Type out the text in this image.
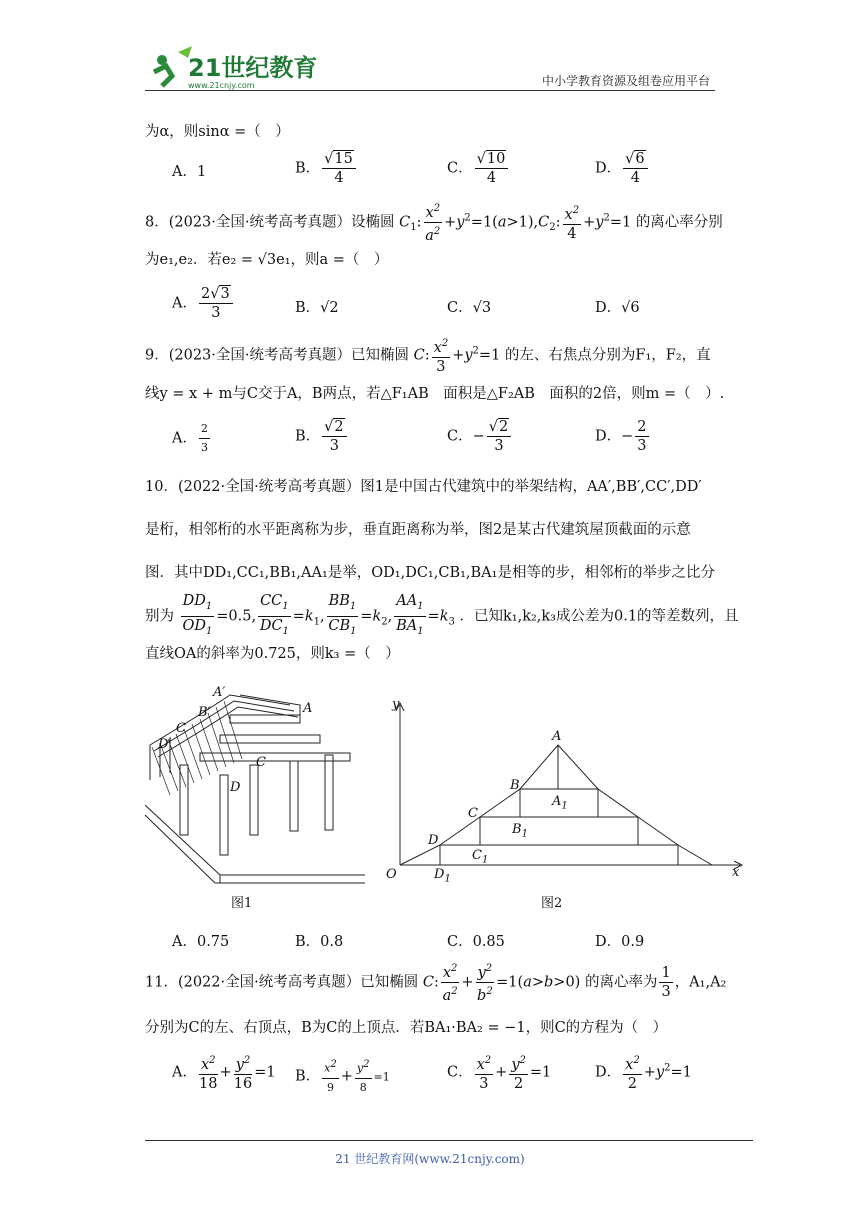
21世纪教育
www.21cnjy.com	中小学教育资源及组卷应用平台
为α，则sinα =（　）
A．1	B． $\frac{√15}{4}$	C． $\frac{√10}{4}$	D． $\frac{√6}{4}$
8．(2023·全国·统考高考真题）设椭圆 $C_1$: $\frac{x^2}{a^2} +y^2=1(a>1),C_2$: $\frac{x^2}{4} +y^2=1$ 的离心率分别
为e₁,e₂．若e₂ = √3e₁，则a =（　）
A． $\frac{2√3}{3}$	B．√2	C．√3	D．√6
9．(2023·全国·统考高考真题）已知椭圆 C: $\frac{x^2}{3} +y^2=1$ 的左、右焦点分别为F₁，F₂，直
线y = x + m与C交于A，B两点，若△F₁AB　面积是△F₂AB　面积的2倍，则m =（　）.
A． $\frac{2}{3}$	B． $\frac{√2}{3}$	C．− $\frac{√2}{3}$	D．− $\frac{2}{3}$
10．(2022·全国·统考高考真题）图1是中国古代建筑中的举架结构，AA′,BB′,CC′,DD′
是桁，相邻桁的水平距离称为步，垂直距离称为举，图2是某古代建筑屋顶截面的示意
图．其中DD₁,CC₁,BB₁,AA₁是举，OD₁,DC₁,CB₁,BA₁是相等的步，相邻桁的举步之比分
别为 $\frac{DD_1}{OD_1} =0.5$, $\frac{CC_1}{DC_1} =k_1$, $\frac{BB_1}{CB_1} =k_2$, $\frac{AA_1}{BA_1} =k_3$ ．已知k₁,k₂,k₃成公差为0.1的等差数列，且
直线OA的斜率为0.725，则k₃ =（　）
A′
B′
C
D′
A
C
D
图1
y
x
O
A
B
C
D
$A_1$
$B_1$
$C_1$
$D_1$
图2
A．0.75	B．0.8	C．0.85	D．0.9
11．(2022·全国·统考高考真题）已知椭圆 C: $\frac{x^2}{a^2} + \frac{y^2}{b^2} =1(a>b>0)$ 的离心率为 $\frac{1}{3}$ ，A₁,A₂
分别为C的左、右顶点，B为C的上顶点．若BA₁·BA₂ = −1，则C的方程为（　）
A． $\frac{x^2}{18} + \frac{y^2}{16} =1$ B． $\frac{x^2}{9} + \frac{y^2}{8} =1$	C． $\frac{x^2}{3} + \frac{y^2}{2} =1$	D． $\frac{x^2}{2} +y^2=1$
21 世纪教育网(www.21cnjy.com)
